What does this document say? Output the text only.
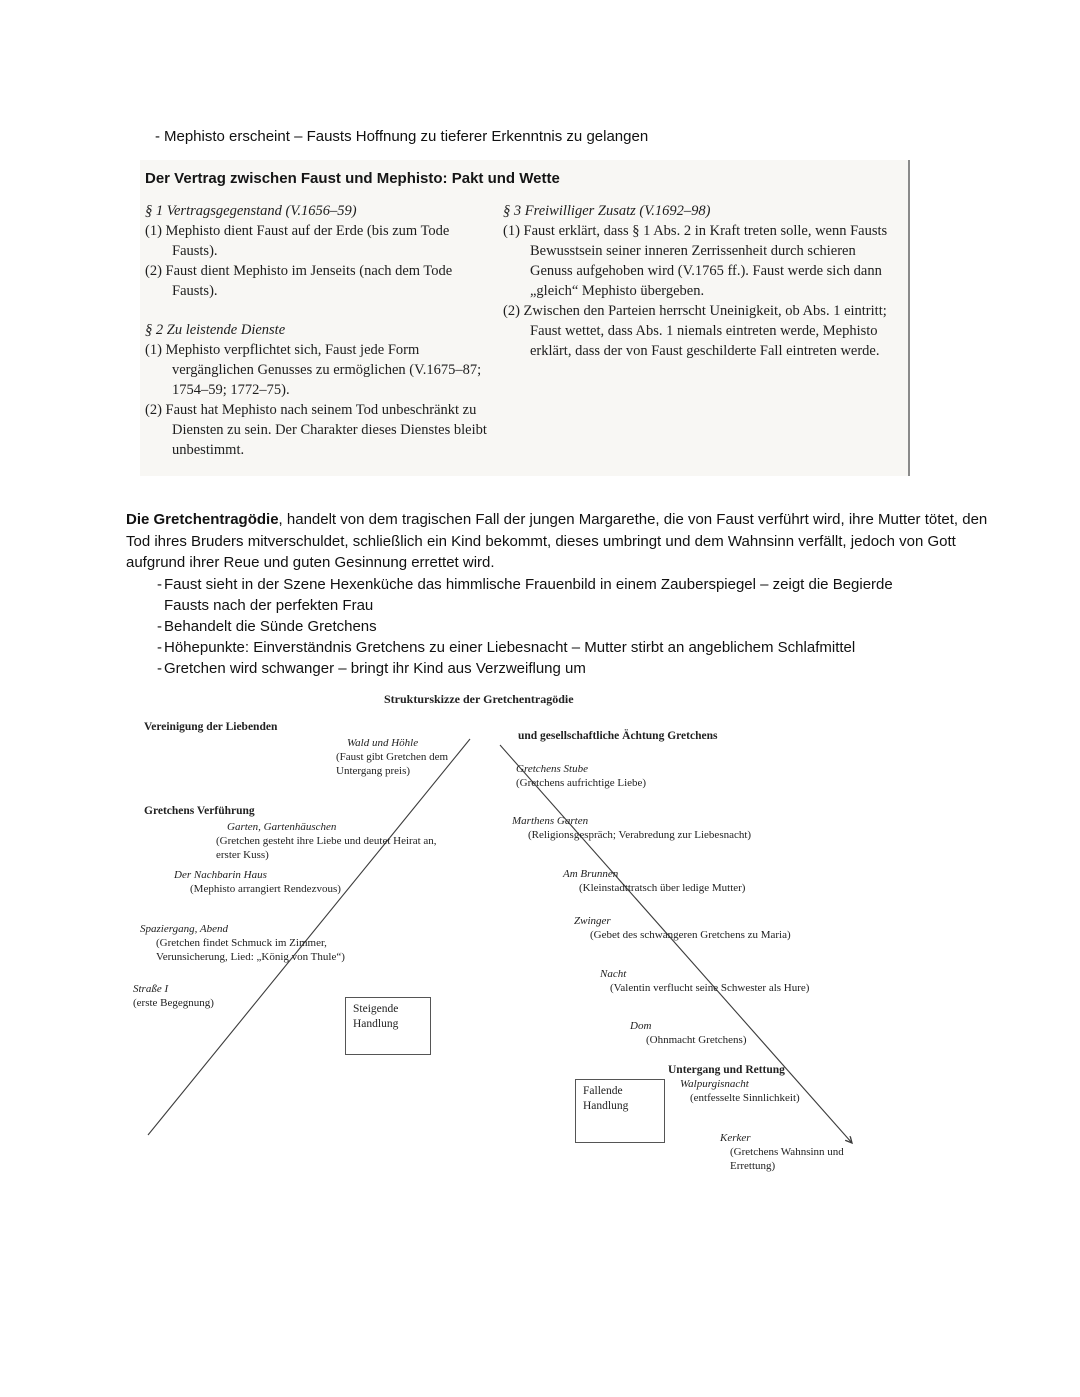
- Mephisto erscheint – Fausts Hoffnung zu tieferer Erkenntnis zu gelangen
Der Vertrag zwischen Faust und Mephisto: Pakt und Wette
§ 1 Vertragsgegenstand (V.1656–59)
(1) Mephisto dient Faust auf der Erde (bis zum Tode Fausts).
(2) Faust dient Mephisto im Jenseits (nach dem Tode Fausts).
§ 2 Zu leistende Dienste
(1) Mephisto verpflichtet sich, Faust jede Form vergänglichen Genusses zu ermöglichen (V.1675–87; 1754–59; 1772–75).
(2) Faust hat Mephisto nach seinem Tod unbeschränkt zu Diensten zu sein. Der Charakter dieses Dienstes bleibt unbestimmt.
§ 3 Freiwilliger Zusatz (V.1692–98)
(1) Faust erklärt, dass § 1 Abs. 2 in Kraft treten solle, wenn Fausts Bewusstsein seiner inneren Zerrissenheit durch schieren Genuss aufgehoben wird (V.1765 ff.). Faust werde sich dann „gleich“ Mephisto übergeben.
(2) Zwischen den Parteien herrscht Uneinigkeit, ob Abs. 1 eintritt; Faust wettet, dass Abs. 1 niemals eintreten werde, Mephisto erklärt, dass der von Faust geschilderte Fall eintreten werde.

Die Gretchentragödie, handelt von dem tragischen Fall der jungen Margarethe, die von Faust verführt wird, ihre Mutter tötet, den Tod ihres Bruders mitverschuldet, schließlich ein Kind bekommt, dieses umbringt und dem Wahnsinn verfällt, jedoch von Gott aufgrund ihrer Reue und guten Gesinnung errettet wird.

- Faust sieht in der Szene Hexenküche das himmlische Frauenbild in einem Zauberspiegel – zeigt die Begierde Fausts nach der perfekten Frau
- Behandelt die Sünde Gretchens
- Höhepunkte: Einverständnis Gretchens zu einer Liebesnacht – Mutter stirbt an angeblichem Schlafmittel
- Gretchen wird schwanger – bringt ihr Kind aus Verzweiflung um
Strukturskizze der Gretchentragödie
Vereinigung der Liebenden
und gesellschaftliche Ächtung Gretchens
Gretchens Verführung
Untergang und Rettung
Wald und Höhle
(Faust gibt Gretchen dem Untergang preis)
Garten, Gartenhäuschen
(Gretchen gesteht ihre Liebe und deutet Heirat an, erster Kuss)
Der Nachbarin Haus
(Mephisto arrangiert Rendezvous)
Spaziergang, Abend
(Gretchen findet Schmuck im Zimmer, Verunsicherung, Lied: „König von Thule“)
Straße I
(erste Begegnung)	Steigende Handlung
Gretchens Stube
(Gretchens aufrichtige Liebe)
Marthens Garten
(Religionsgespräch; Verabredung zur Liebesnacht)
Am Brunnen
(Kleinstadttratsch über ledige Mutter)
Zwinger
(Gebet des schwangeren Gretchens zu Maria)
Nacht
(Valentin verflucht seine Schwester als Hure)
Dom
(Ohnmacht Gretchens)
Fallende Handlung
Walpurgisnacht
(entfesselte Sinnlichkeit)
Kerker
(Gretchens Wahnsinn und Errettung)
